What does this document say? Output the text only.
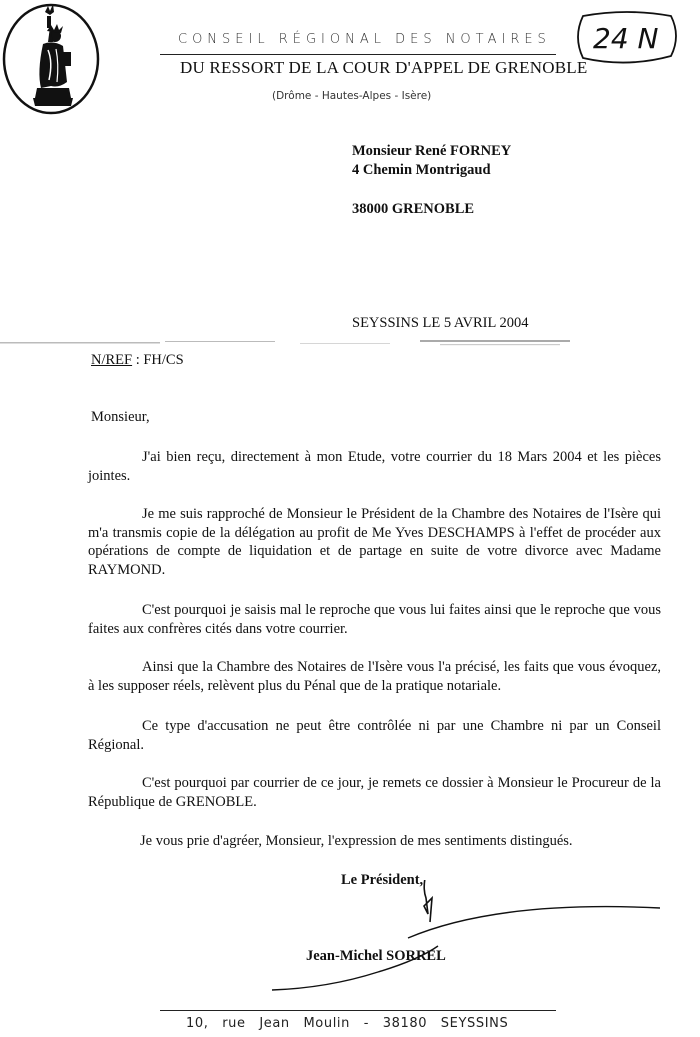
CONSEIL RÉGIONAL DES NOTAIRES
DU RESSORT DE LA COUR D'APPEL DE GRENOBLE
(Drôme - Hautes-Alpes - Isère)
24 N
Monsieur René FORNEY
4 Chemin Montrigaud
38000 GRENOBLE
SEYSSINS LE 5 AVRIL 2004
N/REF : FH/CS
Monsieur,
J'ai bien reçu, directement à mon Etude, votre courrier du 18 Mars 2004 et les pièces jointes.
Je me suis rapproché de Monsieur le Président de la Chambre des Notaires de l'Isère qui m'a transmis copie de la délégation au profit de Me Yves DESCHAMPS à l'effet de procéder aux opérations de compte de liquidation et de partage en suite de votre divorce avec Madame RAYMOND.
C'est pourquoi je saisis mal le reproche que vous lui faites ainsi que le reproche que vous faites aux confrères cités dans votre courrier.
Ainsi que la Chambre des Notaires de l'Isère vous l'a précisé, les faits que vous évoquez, à les supposer réels, relèvent plus du Pénal que de la pratique notariale.
Ce type d'accusation ne peut être contrôlée ni par une Chambre ni par un Conseil Régional.
C'est pourquoi par courrier de ce jour, je remets ce dossier à Monsieur le Procureur de la République de GRENOBLE.
Je vous prie d'agréer, Monsieur, l'expression de mes sentiments distingués.
Le Président,
Jean-Michel SORREL
10, rue Jean Moulin - 38180 SEYSSINS
